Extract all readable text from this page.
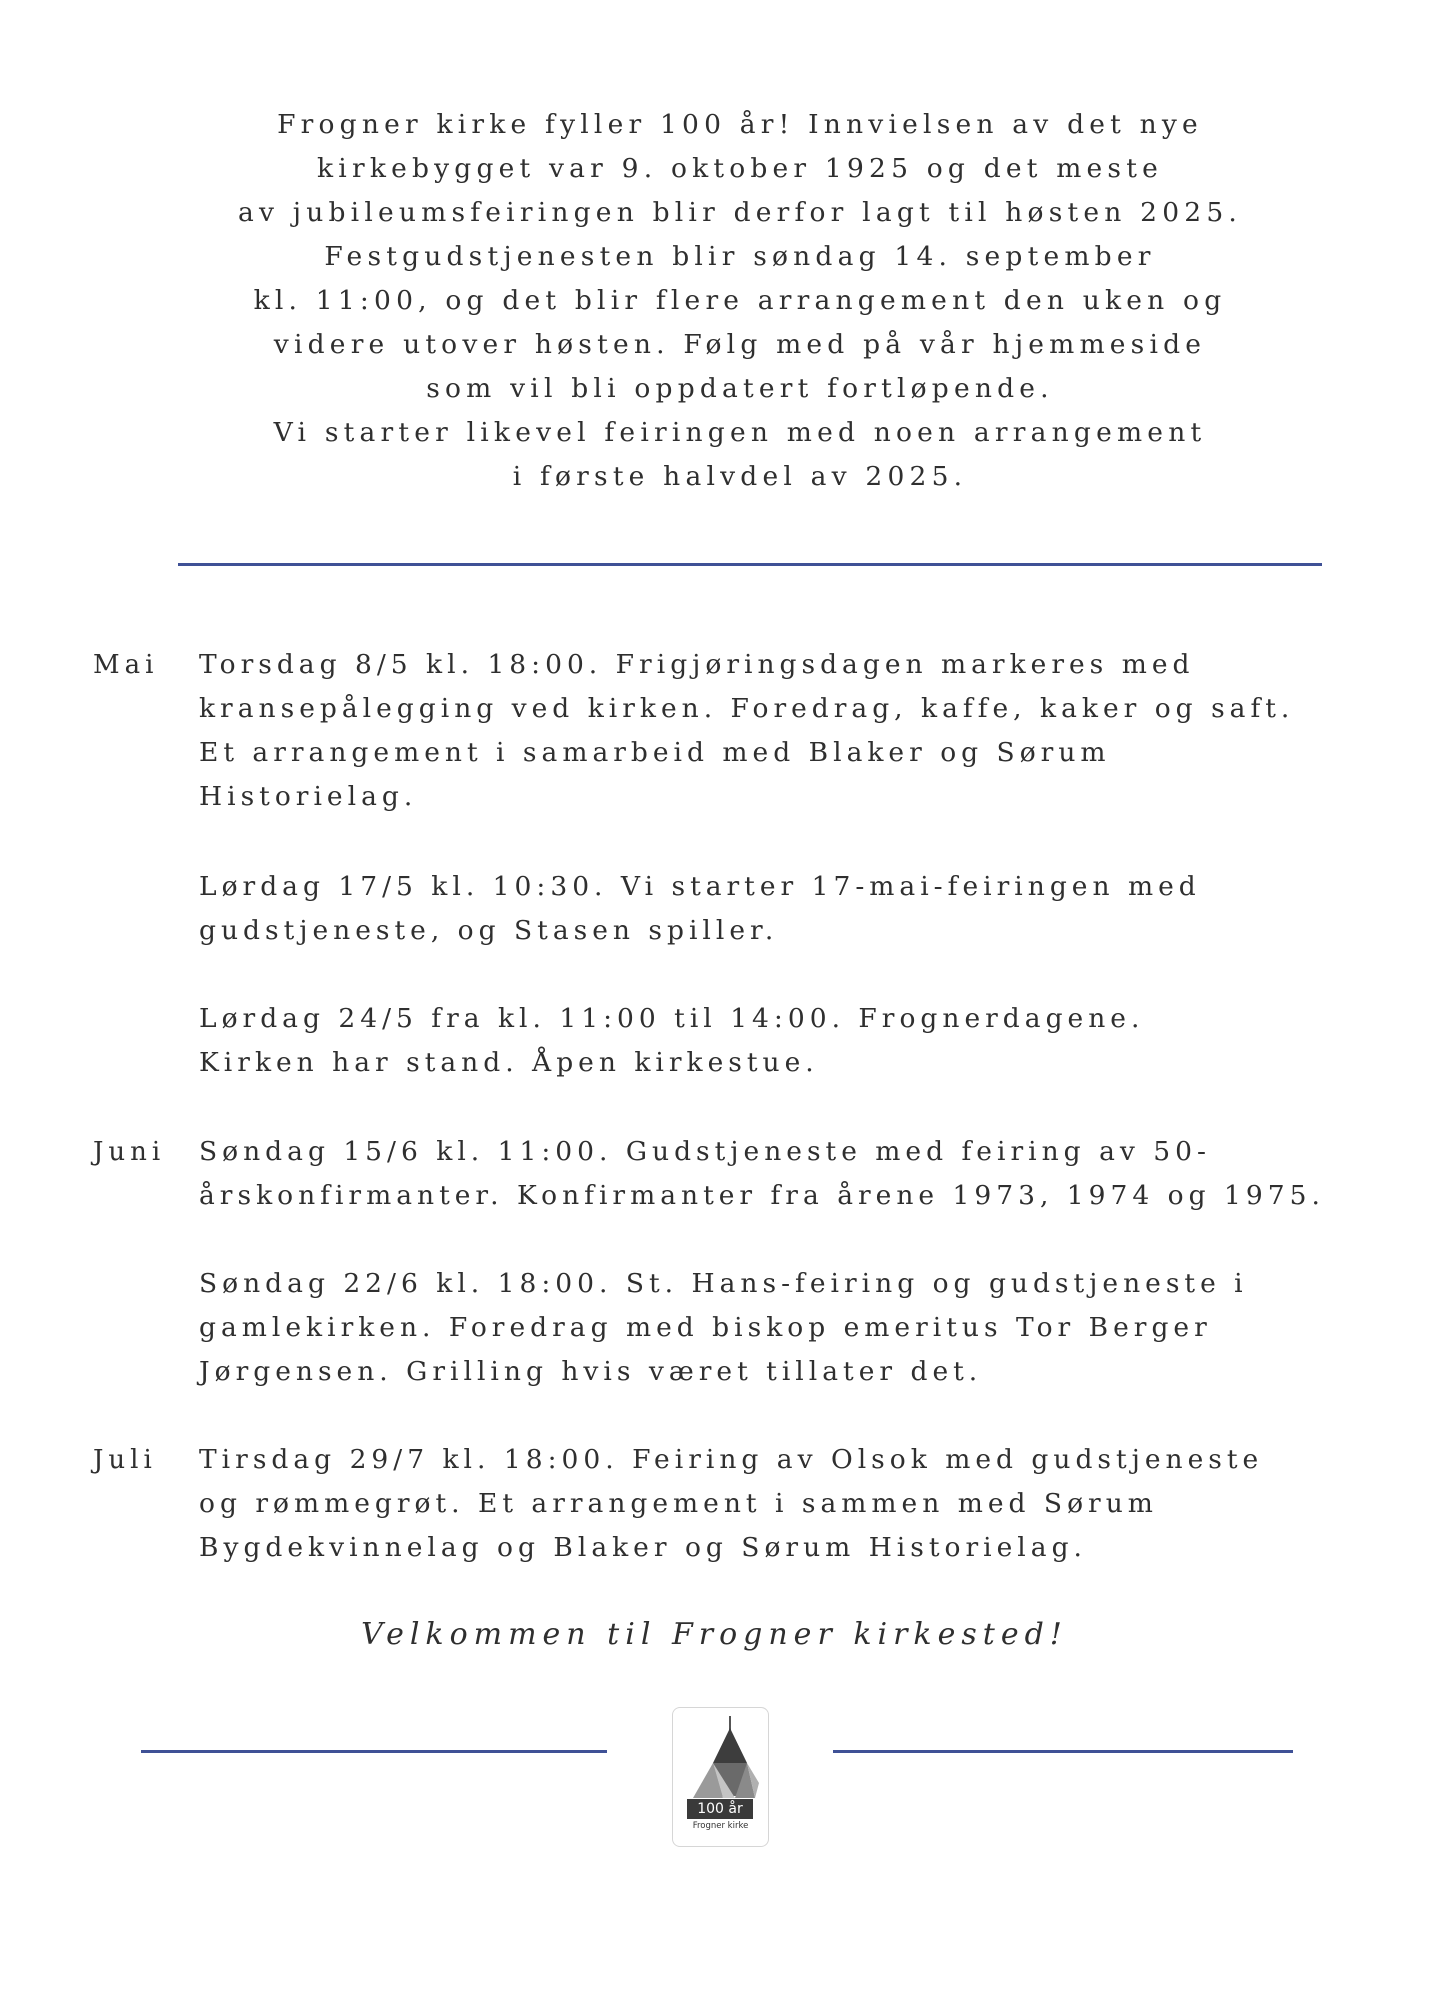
Frogner kirke fyller 100 år! Innvielsen av det nye
kirkebygget var 9. oktober 1925 og det meste
av jubileumsfeiringen blir derfor lagt til høsten 2025.
Festgudstjenesten blir søndag 14. september
kl. 11:00, og det blir flere arrangement den uken og
videre utover høsten. Følg med på vår hjemmeside
som vil bli oppdatert fortløpende.
Vi starter likevel feiringen med noen arrangement
i første halvdel av 2025.
Mai Torsdag 8/5 kl. 18:00. Frigjøringsdagen markeres med
kransepålegging ved kirken. Foredrag, kaffe, kaker og saft.
Et arrangement i samarbeid med Blaker og Sørum
Historielag.
Lørdag 17/5 kl. 10:30. Vi starter 17-mai-feiringen med
gudstjeneste, og Stasen spiller.
Lørdag 24/5 fra kl. 11:00 til 14:00. Frognerdagene.
Kirken har stand. Åpen kirkestue.
Juni Søndag 15/6 kl. 11:00. Gudstjeneste med feiring av 50-
årskonfirmanter. Konfirmanter fra årene 1973, 1974 og 1975.
Søndag 22/6 kl. 18:00. St. Hans-feiring og gudstjeneste i
gamlekirken. Foredrag med biskop emeritus Tor Berger
Jørgensen. Grilling hvis været tillater det.
Juli Tirsdag 29/7 kl. 18:00. Feiring av Olsok med gudstjeneste
og rømmegrøt. Et arrangement i sammen med Sørum
Bygdekvinnelag og Blaker og Sørum Historielag.
Velkommen til Frogner kirkested!
100 år
Frogner kirke
